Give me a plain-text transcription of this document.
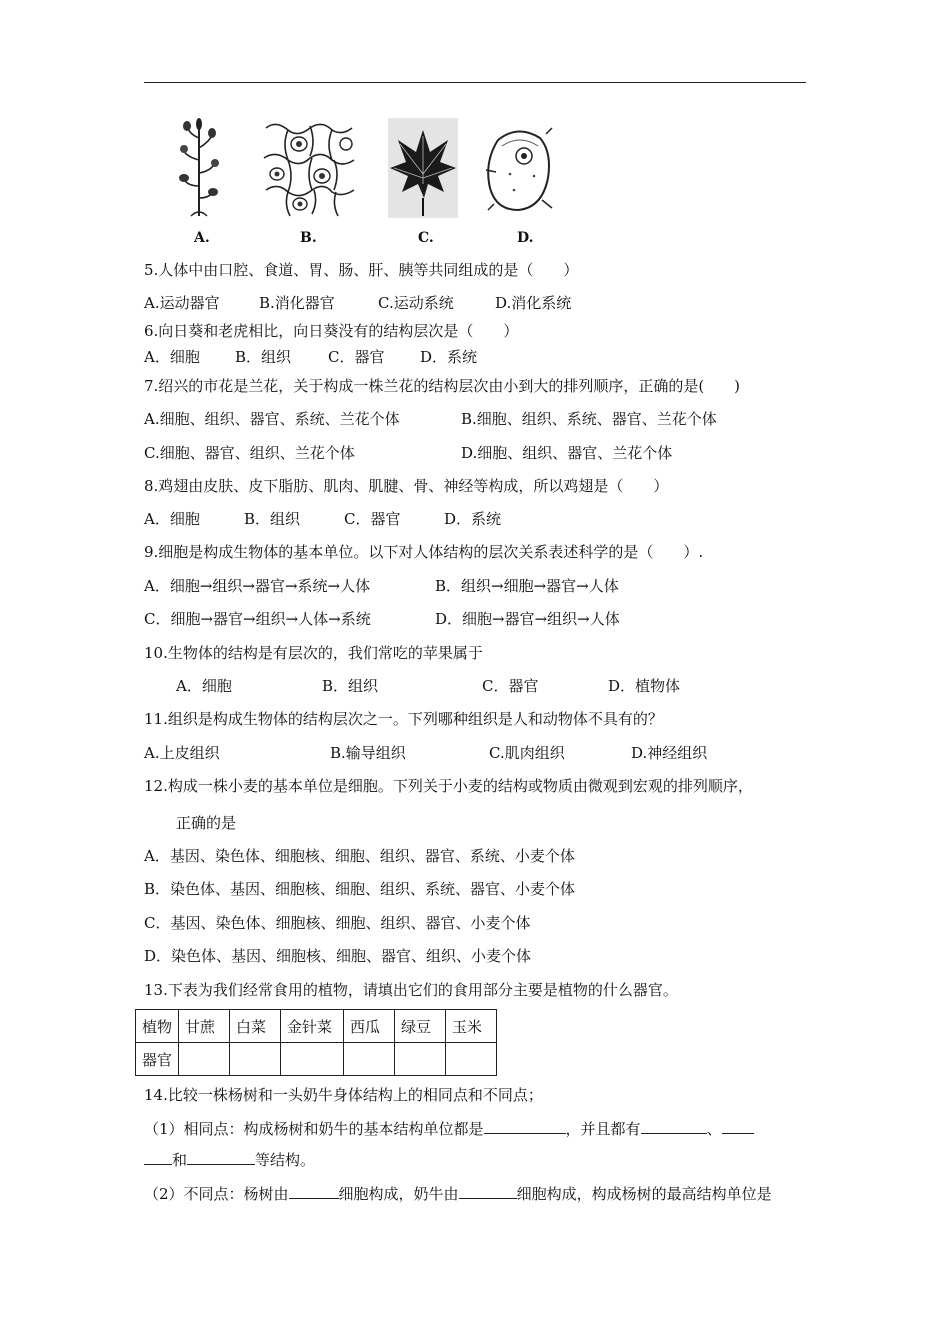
A.	B.	C.	D.
5.人体中由口腔、食道、胃、肠、肝、胰等共同组成的是（　　）
A.运动器官	B.消化器官	C.运动系统	D.消化系统
6.向日葵和老虎相比，向日葵没有的结构层次是（　　）
A．细胞 B．组织 C．器官 D．系统
7.绍兴的市花是兰花，关于构成一株兰花的结构层次由小到大的排列顺序，正确的是(　　)
A.细胞、组织、器官、系统、兰花个体	B.细胞、组织、系统、器官、兰花个体
C.细胞、器官、组织、兰花个体	D.细胞、组织、器官、兰花个体
8.鸡翅由皮肤、皮下脂肪、肌肉、肌腱、骨、神经等构成，所以鸡翅是（　　）
A．细胞	B．组织	C．器官	D．系统
9.细胞是构成生物体的基本单位。以下对人体结构的层次关系表述科学的是（　　）.
A．细胞→组织→器官→系统→人体	B．组织→细胞→器官→人体
C．细胞→器官→组织→人体→系统	D．细胞→器官→组织→人体
10.生物体的结构是有层次的，我们常吃的苹果属于
A．细胞	B．组织	C．器官	D．植物体
11.组织是构成生物体的结构层次之一。下列哪种组织是人和动物体不具有的？
A.上皮组织	B.输导组织	C.肌肉组织	D.神经组织
12.构成一株小麦的基本单位是细胞。下列关于小麦的结构或物质由微观到宏观的排列顺序，
正确的是
A．基因、染色体、细胞核、细胞、组织、器官、系统、小麦个体
B．染色体、基因、细胞核、细胞、组织、系统、器官、小麦个体
C．基因、染色体、细胞核、细胞、组织、器官、小麦个体
D．染色体、基因、细胞核、细胞、器官、组织、小麦个体
13.下表为我们经常食用的植物，请填出它们的食用部分主要是植物的什么器官。
植物	甘蔗	白菜	金针菜	西瓜	绿豆	玉米
器官						
14.比较一株杨树和一头奶牛身体结构上的相同点和不同点；
（1）相同点：构成杨树和奶牛的基本结构单位都是	，并且都有	、
和	等结构。
（2）不同点：杨树由	细胞构成，奶牛由	细胞构成，构成杨树的最高结构单位是
